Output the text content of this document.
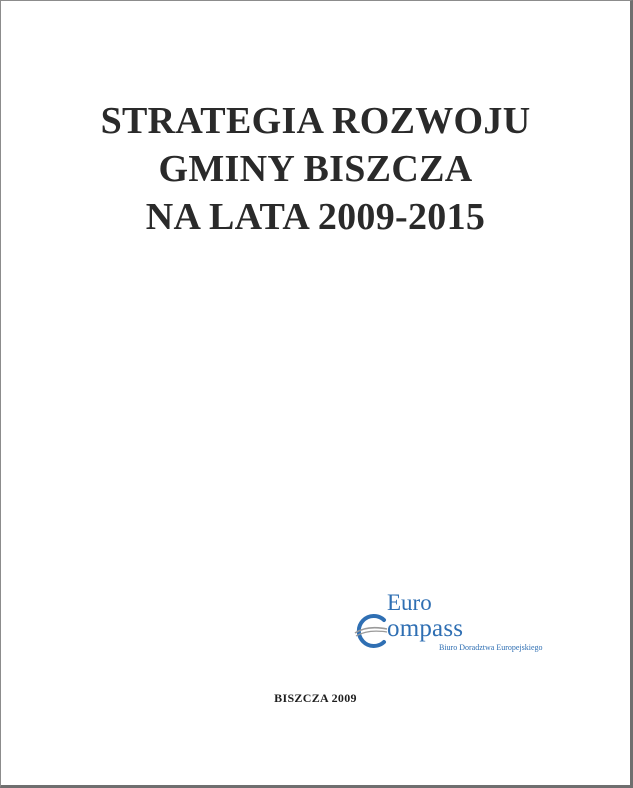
STRATEGIA ROZWOJU
GMINY BISZCZA
NA LATA 2009-2015
Euro
ompass
Biuro Doradztwa Europejskiego
BISZCZA 2009
